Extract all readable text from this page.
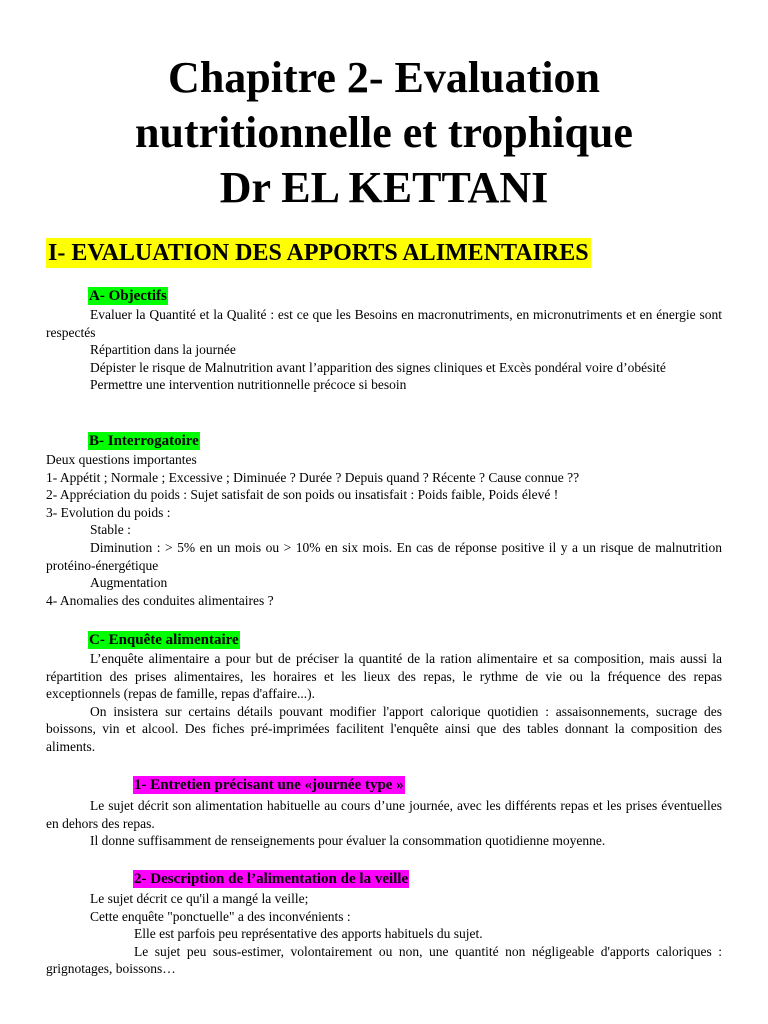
Chapitre 2- Evaluation
nutritionnelle et trophique
Dr EL KETTANI
I- EVALUATION DES APPORTS ALIMENTAIRES
A- Objectifs

Evaluer la Quantité et la Qualité : est ce que les Besoins en macronutriments, en micronutriments et en énergie sont respectés

Répartition dans la journée

Dépister le risque de Malnutrition avant l’apparition des signes cliniques et Excès pondéral voire d’obésité

Permettre une intervention nutritionnelle précoce si besoin

B- Interrogatoire

Deux questions importantes

1- Appétit ; Normale ; Excessive ; Diminuée ? Durée ? Depuis quand ? Récente ? Cause connue ??

2- Appréciation du poids : Sujet satisfait de son poids ou insatisfait : Poids faible, Poids élevé !

3- Evolution du poids :

Stable :

Diminution : > 5% en un mois ou > 10% en six mois. En cas de réponse positive il y a un risque de malnutrition protéino-énergétique

Augmentation

4- Anomalies des conduites alimentaires ?

C- Enquête alimentaire

L’enquête alimentaire a pour but de préciser la quantité de la ration alimentaire et sa composition, mais aussi la répartition des prises alimentaires, les horaires et les lieux des repas, le rythme de vie ou la fréquence des repas exceptionnels (repas de famille, repas d'affaire...).

On insistera sur certains détails pouvant modifier l'apport calorique quotidien : assaisonnements, sucrage des boissons, vin et alcool. Des fiches pré-imprimées facilitent l'enquête ainsi que des tables donnant la composition des aliments.

1- Entretien précisant une «journée type »

Le sujet décrit son alimentation habituelle au cours d’une journée, avec les différents repas et les prises éventuelles en dehors des repas.

Il donne suffisamment de renseignements pour évaluer la consommation quotidienne moyenne.

2- Description de l’alimentation de la veille

Le sujet décrit ce qu'il a mangé la veille;

Cette enquête "ponctuelle" a des inconvénients :

Elle est parfois peu représentative des apports habituels du sujet.

Le sujet peu sous-estimer, volontairement ou non, une quantité non négligeable d'apports caloriques : grignotages, boissons…
